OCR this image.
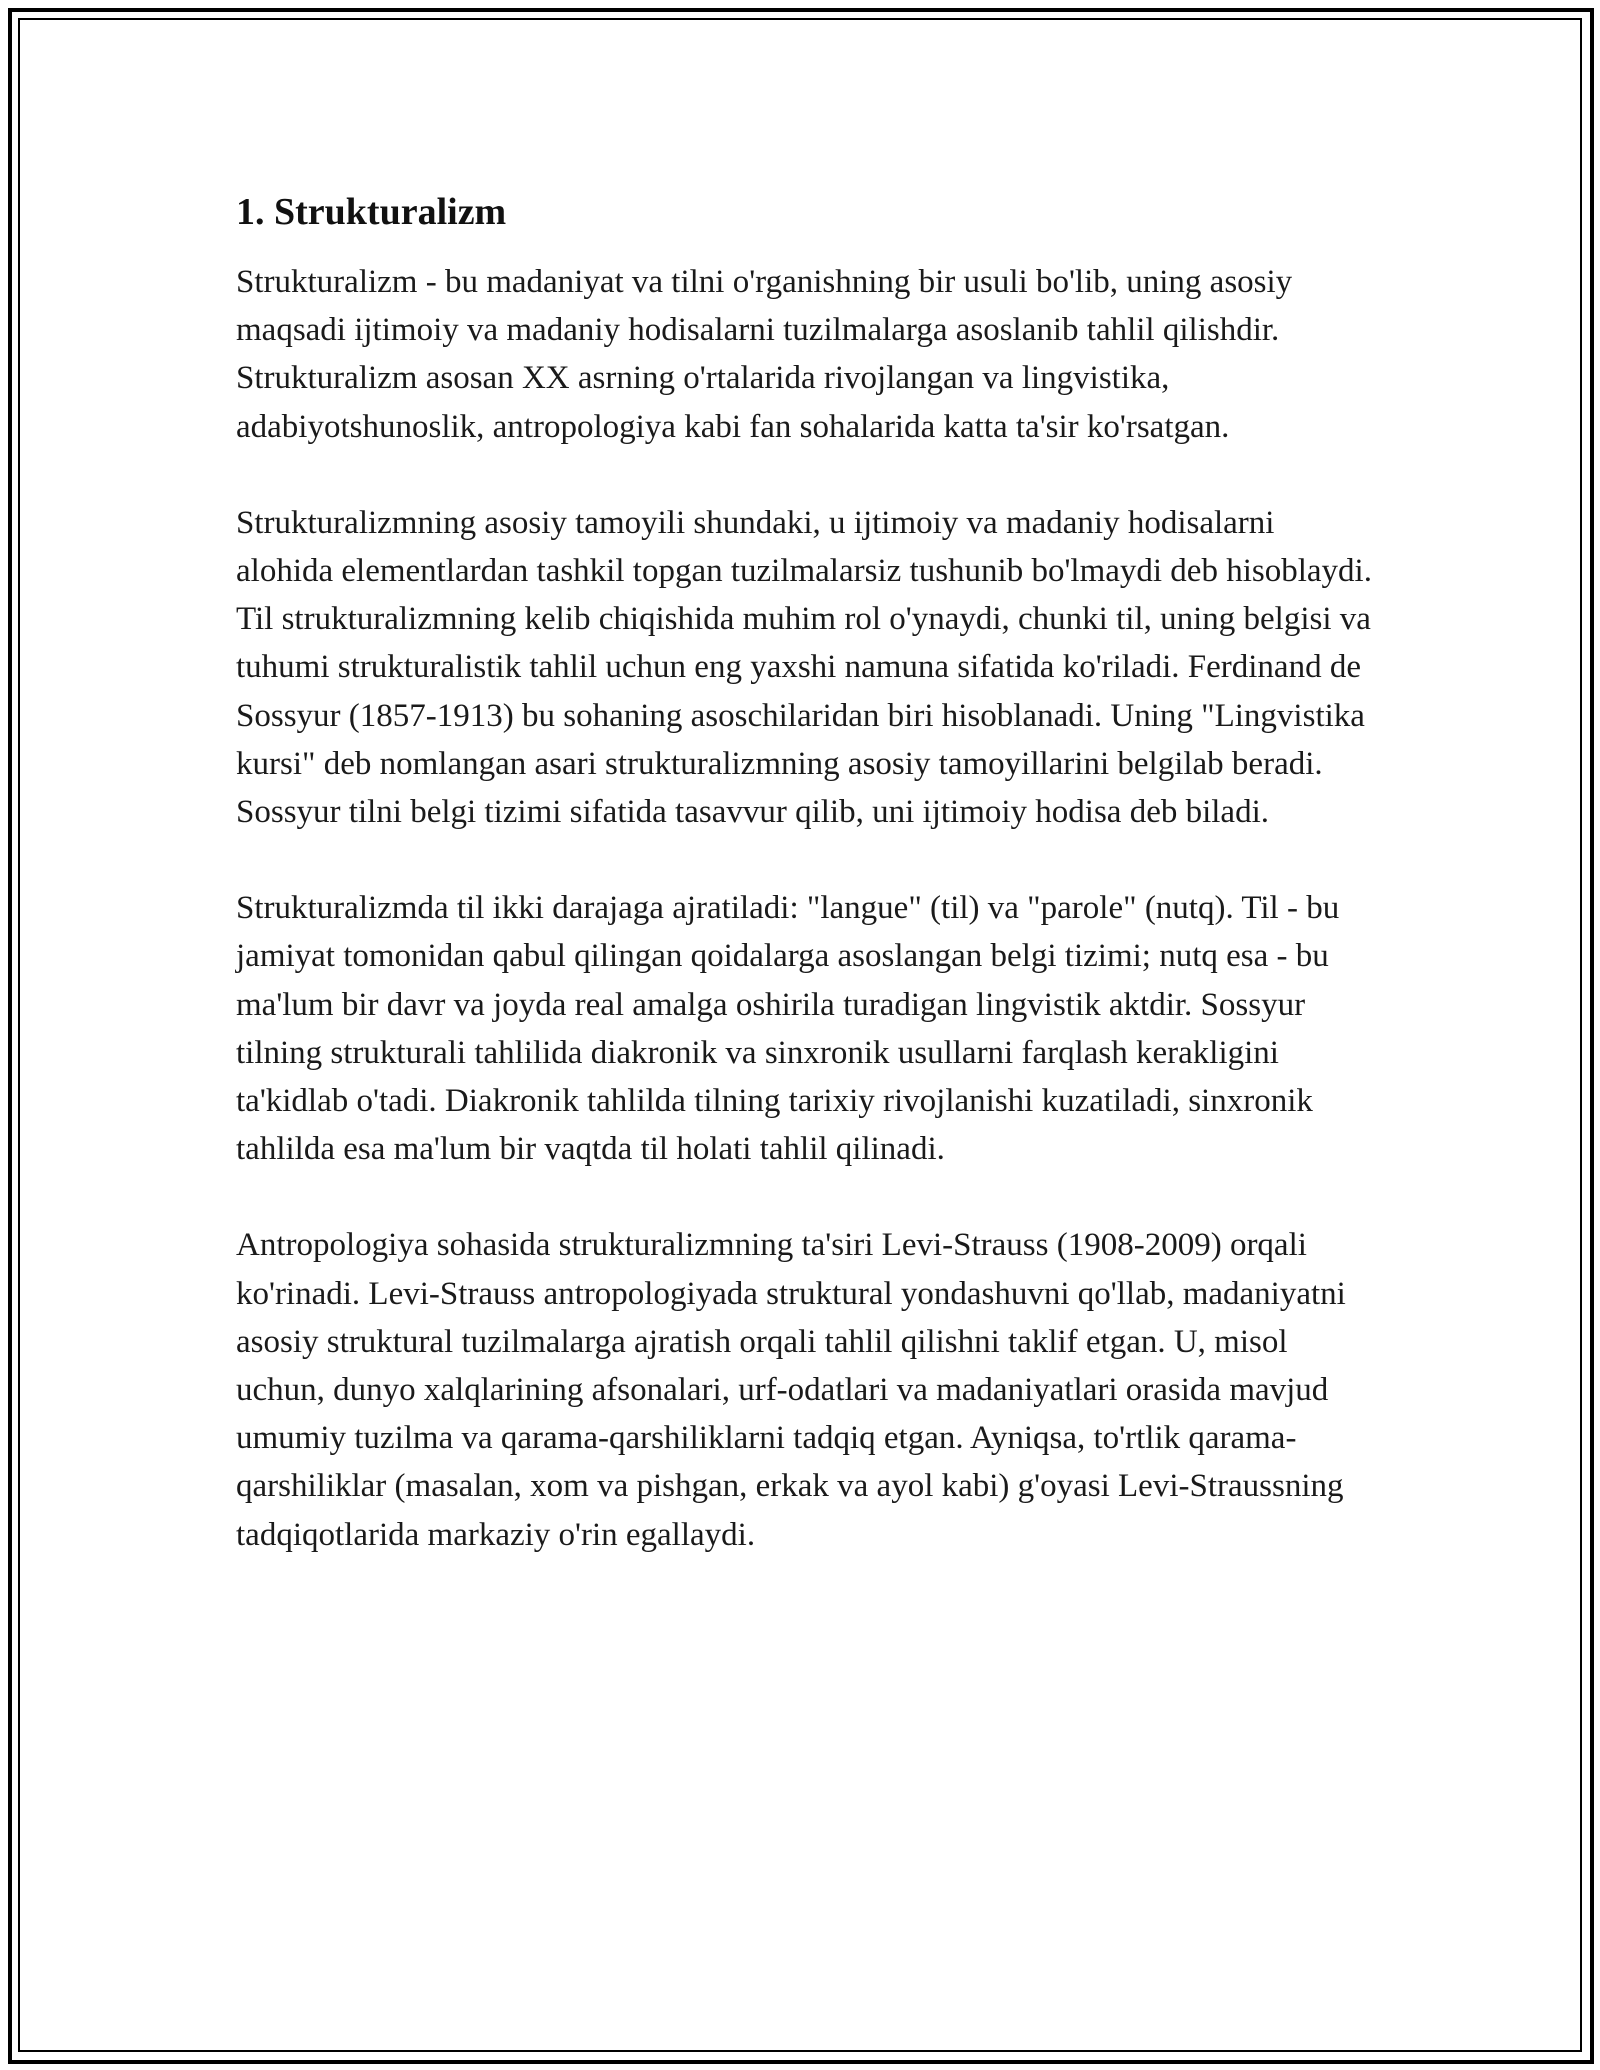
1. Strukturalizm

Strukturalizm - bu madaniyat va tilni o'rganishning bir usuli bo'lib, uning asosiy maqsadi ijtimoiy va madaniy hodisalarni tuzilmalarga asoslanib tahlil qilishdir. Strukturalizm asosan XX asrning o'rtalarida rivojlangan va lingvistika, adabiyotshunoslik, antropologiya kabi fan sohalarida katta ta'sir ko'rsatgan.

Strukturalizmning asosiy tamoyili shundaki, u ijtimoiy va madaniy hodisalarni alohida elementlardan tashkil topgan tuzilmalarsiz tushunib bo'lmaydi deb hisoblaydi. Til strukturalizmning kelib chiqishida muhim rol o'ynaydi, chunki til, uning belgisi va tuhumi strukturalistik tahlil uchun eng yaxshi namuna sifatida ko'riladi. Ferdinand de Sossyur (1857-1913) bu sohaning asoschilaridan biri hisoblanadi. Uning "Lingvistika kursi" deb nomlangan asari strukturalizmning asosiy tamoyillarini belgilab beradi. Sossyur tilni belgi tizimi sifatida tasavvur qilib, uni ijtimoiy hodisa deb biladi.

Strukturalizmda til ikki darajaga ajratiladi: "langue" (til) va "parole" (nutq). Til - bu jamiyat tomonidan qabul qilingan qoidalarga asoslangan belgi tizimi; nutq esa - bu ma'lum bir davr va joyda real amalga oshirila turadigan lingvistik aktdir. Sossyur tilning strukturali tahlilida diakronik va sinxronik usullarni farqlash kerakligini ta'kidlab o'tadi. Diakronik tahlilda tilning tarixiy rivojlanishi kuzatiladi, sinxronik tahlilda esa ma'lum bir vaqtda til holati tahlil qilinadi.

Antropologiya sohasida strukturalizmning ta'siri Levi-Strauss (1908-2009) orqali ko'rinadi. Levi-Strauss antropologiyada struktural yondashuvni qo'llab, madaniyatni asosiy struktural tuzilmalarga ajratish orqali tahlil qilishni taklif etgan. U, misol uchun, dunyo xalqlarining afsonalari, urf-odatlari va madaniyatlari orasida mavjud umumiy tuzilma va qarama-qarshiliklarni tadqiq etgan. Ayniqsa, to'rtlik qarama-qarshiliklar (masalan, xom va pishgan, erkak va ayol kabi) g'oyasi Levi-Straussning tadqiqotlarida markaziy o'rin egallaydi.
